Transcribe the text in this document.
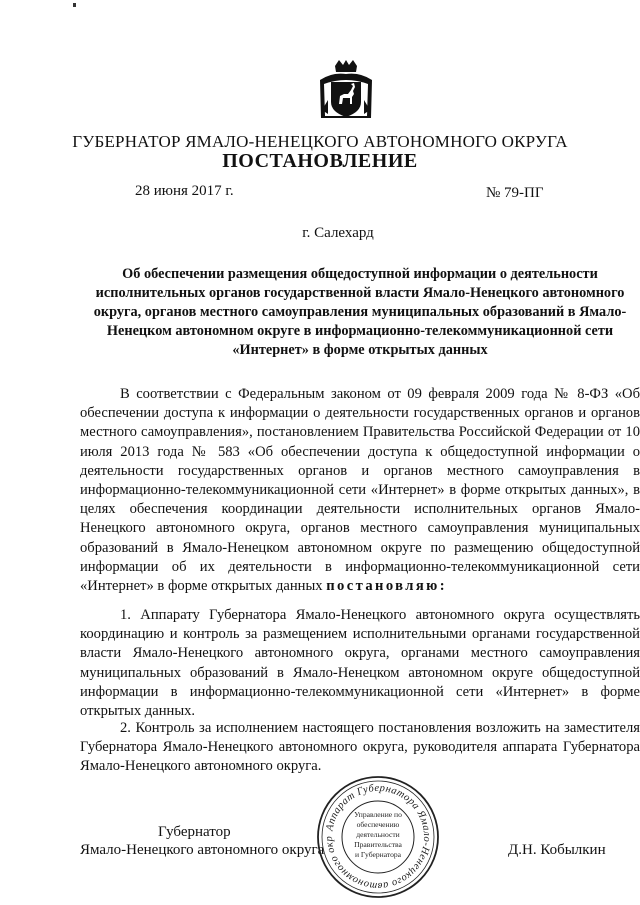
ГУБЕРНАТОР ЯМАЛО-НЕНЕЦКОГО АВТОНОМНОГО ОКРУГА
ПОСТАНОВЛЕНИЕ
28 июня 2017 г.	№ 79-ПГ
г. Салехард
Об обеспечении размещения общедоступной информации о деятельности исполнительных органов государственной власти Ямало-Ненецкого автономного округа, органов местного самоуправления муниципальных образований в Ямало-Ненецком автономном округе в информационно-телекоммуникационной сети «Интернет» в форме открытых данных
В соответствии с Федеральным законом от 09 февраля 2009 года № 8-ФЗ «Об обеспечении доступа к информации о деятельности государственных органов и органов местного самоуправления», постановлением Правительства Российской Федерации от 10 июля 2013 года № 583 «Об обеспечении доступа к общедоступной информации о деятельности государственных органов и органов местного самоуправления в информационно-телекоммуникационной сети «Интернет» в форме открытых данных», в целях обеспечения координации деятельности исполнительных органов Ямало-Ненецкого автономного округа, органов местного самоуправления муниципальных образований в Ямало-Ненецком автономном округе по размещению общедоступной информации об их деятельности в информационно-телекоммуникационной сети «Интернет» в форме открытых данных постановляю:
1. Аппарату Губернатора Ямало-Ненецкого автономного округа осуществлять координацию и контроль за размещением исполнительными органами государственной власти Ямало-Ненецкого автономного округа, органами местного самоуправления муниципальных образований в Ямало-Ненецком автономном округе общедоступной информации в информационно-телекоммуникационной сети «Интернет» в форме открытых данных.
2. Контроль за исполнением настоящего постановления возложить на заместителя Губернатора Ямало-Ненецкого автономного округа, руководителя аппарата Губернатора Ямало-Ненецкого автономного округа.
Губернатор
Ямало-Ненецкого автономного округа	Д.Н. Кобылкин
Аппарат Губернатора Ямало-Ненецкого автономного окр
Управление по
обеспечению
деятельности
Правительства
и Губернатора
